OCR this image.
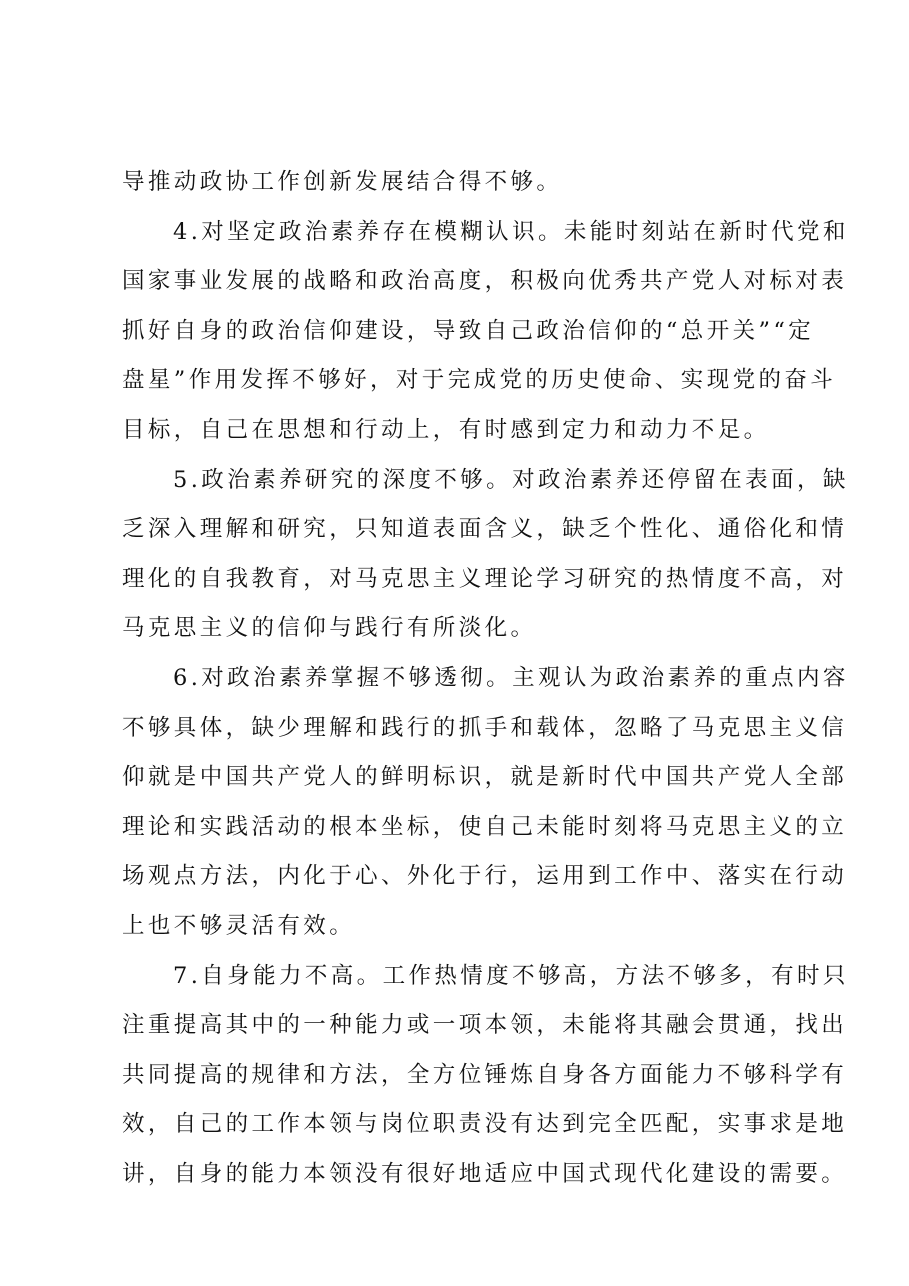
导推动政协工作创新发展结合得不够。
4.对坚定政治素养存在模糊认识。未能时刻站在新时代党和
国家事业发展的战略和政治高度，积极向优秀共产党人对标对表
抓好自身的政治信仰建设，导致自己政治信仰的“总开关”“定
盘星”作用发挥不够好，对于完成党的历史使命、实现党的奋斗
目标，自己在思想和行动上，有时感到定力和动力不足。
5.政治素养研究的深度不够。对政治素养还停留在表面，缺
乏深入理解和研究，只知道表面含义，缺乏个性化、通俗化和情
理化的自我教育，对马克思主义理论学习研究的热情度不高，对
马克思主义的信仰与践行有所淡化。
6.对政治素养掌握不够透彻。主观认为政治素养的重点内容
不够具体，缺少理解和践行的抓手和载体，忽略了马克思主义信
仰就是中国共产党人的鲜明标识，就是新时代中国共产党人全部
理论和实践活动的根本坐标，使自己未能时刻将马克思主义的立
场观点方法，内化于心、外化于行，运用到工作中、落实在行动
上也不够灵活有效。
7.自身能力不高。工作热情度不够高，方法不够多，有时只
注重提高其中的一种能力或一项本领，未能将其融会贯通，找出
共同提高的规律和方法，全方位锤炼自身各方面能力不够科学有
效，自己的工作本领与岗位职责没有达到完全匹配，实事求是地
讲，自身的能力本领没有很好地适应中国式现代化建设的需要。
